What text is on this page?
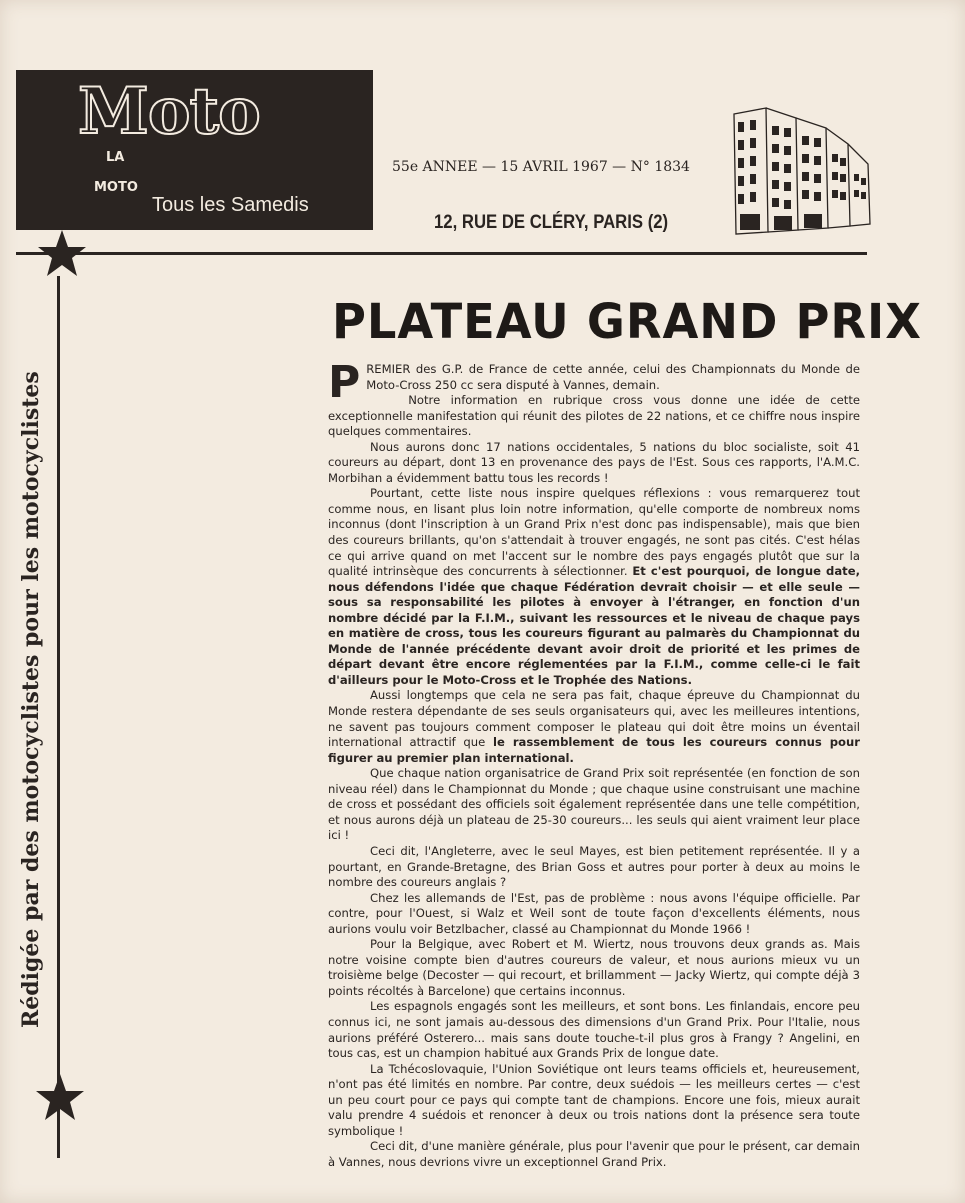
Moto
LA
MOTO
Tous les Samedis
55e ANNEE — 15 AVRIL 1967 — N° 1834
12, RUE DE CLÉRY, PARIS (2)
Rédigée par des motocyclistes pour les motocyclistes
PLATEAU GRAND PRIX

PREMIER des G.P. de France de cette année, celui des Championnats du Monde de Moto-Cross 250 cc sera disputé à Vannes, demain.

Notre information en rubrique cross vous donne une idée de cette exceptionnelle manifestation qui réunit des pilotes de 22 nations, et ce chiffre nous inspire quelques commentaires.

Nous aurons donc 17 nations occidentales, 5 nations du bloc socialiste, soit 41 coureurs au départ, dont 13 en provenance des pays de l'Est. Sous ces rapports, l'A.M.C. Morbihan a évidemment battu tous les records !

Pourtant, cette liste nous inspire quelques réflexions : vous remarquerez tout comme nous, en lisant plus loin notre information, qu'elle comporte de nombreux noms inconnus (dont l'inscription à un Grand Prix n'est donc pas indispensable), mais que bien des coureurs brillants, qu'on s'attendait à trouver engagés, ne sont pas cités. C'est hélas ce qui arrive quand on met l'accent sur le nombre des pays engagés plutôt que sur la qualité intrinsèque des concurrents à sélectionner. Et c'est pourquoi, de longue date, nous défendons l'idée que chaque Fédération devrait choisir — et elle seule — sous sa responsabilité les pilotes à envoyer à l'étranger, en fonction d'un nombre décidé par la F.I.M., suivant les ressources et le niveau de chaque pays en matière de cross, tous les coureurs figurant au palmarès du Championnat du Monde de l'année précédente devant avoir droit de priorité et les primes de départ devant être encore réglementées par la F.I.M., comme celle-ci le fait d'ailleurs pour le Moto-Cross et le Trophée des Nations.

Aussi longtemps que cela ne sera pas fait, chaque épreuve du Championnat du Monde restera dépendante de ses seuls organisateurs qui, avec les meilleures intentions, ne savent pas toujours comment composer le plateau qui doit être moins un éventail international attractif que le rassemblement de tous les coureurs connus pour figurer au premier plan international.

Que chaque nation organisatrice de Grand Prix soit représentée (en fonction de son niveau réel) dans le Championnat du Monde ; que chaque usine construisant une machine de cross et possédant des officiels soit également représentée dans une telle compétition, et nous aurons déjà un plateau de 25-30 coureurs... les seuls qui aient vraiment leur place ici !

Ceci dit, l'Angleterre, avec le seul Mayes, est bien petitement représentée. Il y a pourtant, en Grande-Bretagne, des Brian Goss et autres pour porter à deux au moins le nombre des coureurs anglais ?

Chez les allemands de l'Est, pas de problème : nous avons l'équipe officielle. Par contre, pour l'Ouest, si Walz et Weil sont de toute façon d'excellents éléments, nous aurions voulu voir Betzlbacher, classé au Championnat du Monde 1966 !

Pour la Belgique, avec Robert et M. Wiertz, nous trouvons deux grands as. Mais notre voisine compte bien d'autres coureurs de valeur, et nous aurions mieux vu un troisième belge (Decoster — qui recourt, et brillamment — Jacky Wiertz, qui compte déjà 3 points récoltés à Barcelone) que certains inconnus.

Les espagnols engagés sont les meilleurs, et sont bons. Les finlandais, encore peu connus ici, ne sont jamais au-dessous des dimensions d'un Grand Prix. Pour l'Italie, nous aurions préféré Osterero... mais sans doute touche-t-il plus gros à Frangy ? Angelini, en tous cas, est un champion habitué aux Grands Prix de longue date.

La Tchécoslovaquie, l'Union Soviétique ont leurs teams officiels et, heureusement, n'ont pas été limités en nombre. Par contre, deux suédois — les meilleurs certes — c'est un peu court pour ce pays qui compte tant de champions. Encore une fois, mieux aurait valu prendre 4 suédois et renoncer à deux ou trois nations dont la présence sera toute symbolique !

Ceci dit, d'une manière générale, plus pour l'avenir que pour le présent, car demain à Vannes, nous devrions vivre un exceptionnel Grand Prix.
